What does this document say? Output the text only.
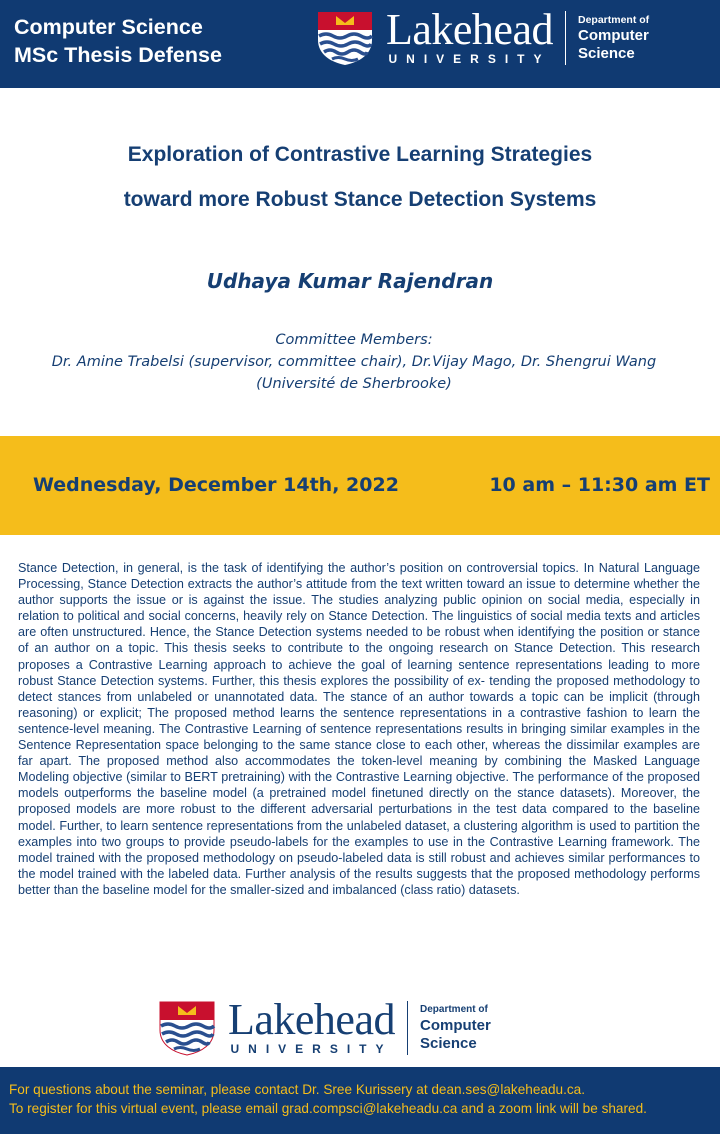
Computer Science
MSc Thesis Defense
Lakehead
UNIVERSITY
Department of
Computer
Science
Exploration of Contrastive Learning Strategies
toward more Robust Stance Detection Systems
Udhaya Kumar Rajendran
Committee Members:
Dr. Amine Trabelsi (supervisor, committee chair), Dr.Vijay Mago, Dr. Shengrui Wang
(Université de Sherbrooke)
Wednesday, December 14th, 2022	10 am – 11:30 am ET

Stance Detection, in general, is the task of identifying the author’s position on controversial topics. In Natural Language Processing, Stance Detection extracts the author’s attitude from the text written toward an issue to determine whether the author supports the issue or is against the issue. The studies analyzing public opinion on social media, especially in relation to political and social concerns, heavily rely on Stance Detection. The linguistics of social media texts and articles are often unstructured. Hence, the Stance Detection systems needed to be robust when identifying the position or stance of an author on a topic. This thesis seeks to contribute to the ongoing research on Stance Detection. This research proposes a Contrastive Learning approach to achieve the goal of learning sentence representations leading to more robust Stance Detection systems. Further, this thesis explores the possibility of ex- tending the proposed methodology to detect stances from unlabeled or unannotated data. The stance of an author towards a topic can be implicit (through reasoning) or explicit; The proposed method learns the sentence representations in a contrastive fashion to learn the sentence-level meaning. The Contrastive Learning of sentence representations results in bringing similar examples in the Sentence Representation space belonging to the same stance close to each other, whereas the dissimilar examples are far apart. The proposed method also accommodates the token-level meaning by combining the Masked Language Modeling objective (similar to BERT pretraining) with the Contrastive Learning objective. The performance of the proposed models outperforms the baseline model (a pretrained model finetuned directly on the stance datasets). Moreover, the proposed models are more robust to the different adversarial perturbations in the test data compared to the baseline model. Further, to learn sentence representations from the unlabeled dataset, a clustering algorithm is used to partition the examples into two groups to provide pseudo-labels for the examples to use in the Contrastive Learning framework. The model trained with the proposed methodology on pseudo-labeled data is still robust and achieves similar performances to the model trained with the labeled data. Further analysis of the results suggests that the proposed methodology performs better than the baseline model for the smaller-sized and imbalanced (class ratio) datasets.

Lakehead
UNIVERSITY
Department of
Computer
Science
For questions about the seminar, please contact Dr. Sree Kurissery at dean.ses@lakeheadu.ca.
To register for this virtual event, please email grad.compsci@lakeheadu.ca and a zoom link will be shared.
